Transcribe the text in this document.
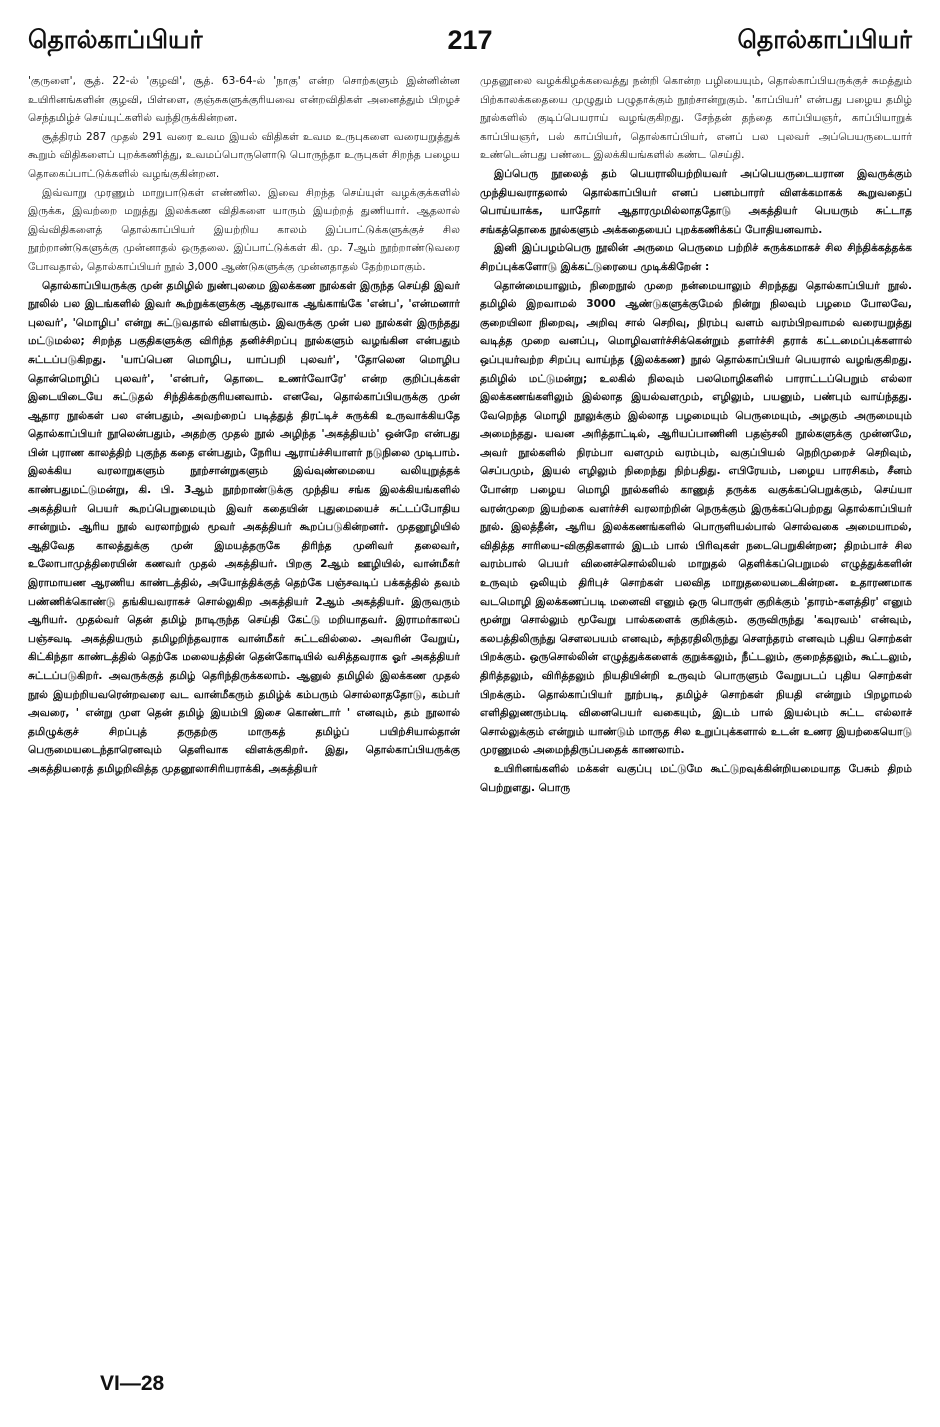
தொல்காப்பியர்	217	தொல்காப்பியர்

'குருளை', சூத். 22-ல் 'குழவி', சூத். 63-64-ல் 'நாகு' என்ற சொற்களும் இன்னின்ன உயிரினங்களின் குழவி, பிள்ளை, குஞ்சுகளுக்குரியவை என்றவிதிகள் அனைத்தும் பிறழச் செந்தமிழ்ச் செய்யுட்களில் வந்திருக்கின்றன.

சூத்திரம் 287 முதல் 291 வரை உவம இயல் விதிகள் உவம உருபுகளை வரையறுத்துக் கூறும் விதிகளைப் புறக்கணித்து, உவமப்பொருளொடு பொருந்தா உருபுகள் சிறந்த பழைய தொகைப்பாட்டுக்களில் வழங்குகின்றன.

இவ்வாறு முரணும் மாறுபாடுகள் எண்ணில. இவை சிறந்த செய்யுள் வழக்குக்களில் இருக்க, இவற்றை மறுத்து இலக்கண விதிகளை யாரும் இயற்றத் துணியார். ஆதலால் இவ்விதிகளைத் தொல்காப்பியர் இயற்றிய காலம் இப்பாட்டுக்களுக்குச் சில நூற்றாண்டுகளுக்கு முன்னாதல் ஒருதலை. இப்பாட்டுக்கள் கி. மு. 7ஆம் நூற்றாண்டுவரை போவதால், தொல்காப்பியர் நூல் 3,000 ஆண்டுகளுக்கு முன்னதாதல் தேற்றமாகும்.

தொல்காப்பியருக்கு முன் தமிழில் நுண்புலமை இலக்கண நூல்கள் இருந்த செய்தி இவர் நூலில் பல இடங்களில் இவர் கூற்றுக்களுக்கு ஆதரவாக ஆங்காங்கே 'என்ப', 'என்மனார் புலவர்', 'மொழிப' என்று சுட்டுவதால் விளங்கும். இவருக்கு முன் பல நூல்கள் இருந்தது மட்டுமல்ல; சிறந்த பகுதிகளுக்கு விரிந்த தனிச்சிறப்பு நூல்களும் வழங்கின என்பதும் சுட்டப்படுகிறது. 'யாப்பென மொழிப, யாப்பறி புலவர்', 'தோலென மொழிப தொன்மொழிப் புலவர்', 'என்பர், தொடை உணர்வோரே' என்ற குறிப்புக்கள் இடையிடையே சுட்டுதல் சிந்திக்கற்குரியனவாம். எனவே, தொல்காப்பியருக்கு முன் ஆதார நூல்கள் பல என்பதும், அவற்றைப் படித்துத் திரட்டிச் சுருக்கி உருவாக்கியதே தொல்காப்பியர் நூலென்பதும், அதற்கு முதல் நூல் அழிந்த 'அகத்தியம்' ஒன்றே என்பது பின் புராண காலத்திற் புகுந்த கதை என்பதும், நேரிய ஆராய்ச்சியாளர் நடுநிலை முடிபாம். இலக்கிய வரலாறுகளும் நூற்சான்றுகளும் இவ்வுண்மையை வலியுறுத்தக் காண்பதுமட்டுமன்று, கி. பி. 3ஆம் நூற்றாண்டுக்கு முந்திய சங்க இலக்கியங்களில் அகத்தியர் பெயர் கூறப்பெறுமையும் இவர் கதையின் புதுமையைச் சுட்டப்போதிய சான்றும். ஆரிய நூல் வரலாற்றுல் மூவர் அகத்தியர் கூறப்படுகின்றனர். முதனூழியில் ஆதிவேத காலத்துக்கு முன் இமயத்தருகே திரிந்த முனிவர் தலைவர், உலோபாமுத்திரையின் கணவர் முதல் அகத்தியர். பிறகு 2ஆம் ஊழியில், வான்மீகர் இராமாயண ஆரணிய காண்டத்தில், அயோத்திக்குத் தெற்கே பஞ்சவடிப் பக்கத்தில் தவம் பண்ணிக்கொண்டு தங்கியவராகச் சொல்லுகிற அகத்தியர் 2ஆம் அகத்தியர். இருவரும் ஆரியர். முதல்வர் தென் தமிழ் நாடிருந்த செய்தி கேட்டு மறியாதவர். இராமர்காலப் பஞ்சவடி அகத்தியரும் தமிழறிந்தவராக வான்மீகர் சுட்டவில்லை. அவரின் வேறுய், கிட்கிந்தா காண்டத்தில் தெற்கே மலையத்தின் தென்கோடியில் வசித்தவராக ஓர் அகத்தியர் சுட்டப்படுகிறர். அவருக்குத் தமிழ் தெரிந்திருக்கலாம். ஆனுல் தமிழில் இலக்கண முதல் நூல் இயற்றியவரென்றவரை வட வான்மீகரும் தமிழ்க் கம்பரும் சொல்லாததோடு, கம்பர் அவரை, ' என்று முள தென் தமிழ் இயம்பி இசை கொண்டார் ' எனவும், தம் நூலால் தமிழுக்குச் சிறப்புத் தருதற்கு மாருகத் தமிழ்ப் பயிற்சியால்தான் பெருமையடைந்தாரெனவும் தெளிவாக விளக்குகிறர். இது, தொல்காப்பியருக்கு அகத்தியரைத் தமிழறிவித்த முதனூலாசிரியராக்கி, அகத்தியர்

முதனூலை வழக்கிழக்கவைத்து நன்றி கொன்ற பழியையும், தொல்காப்பியருக்குச் சுமத்தும் பிற்காலக்கதையை முழுதும் பழுதாக்கும் நூற்சான்றுகும். 'காப்பியர்' என்பது பழைய தமிழ் நூல்களில் குடிப்பெயராய் வழங்குகிறது. சேந்தன் தந்தை காப்பியஞர், காப்பியாறுக் காப்பியஞர், பல் காப்பியர், தொல்காப்பியர், எனப் பல புலவர் அப்பெயருடையார் உண்டென்பது பண்டை இலக்கியங்களில் கண்ட செய்தி.

இப்பெரு நூலைத் தம் பெயராலியற்றியவர் அப்பெயருடையரான இவருக்கும் முந்தியவராதலால் தொல்காப்பியர் எனப் பனம்பாரர் விளக்கமாகக் கூறுவதைப் பொய்யாக்க, யாதோர் ஆதாரமுமில்லாததோடு அகத்தியர் பெயரும் சுட்டாத சங்கத்தொகை நூல்களும் அக்கதையைப் புறக்கணிக்கப் போதியனவாம்.

இனி இப்பழம்பெரு நூலின் அருமை பெருமை பற்றிச் சுருக்கமாகச் சில சிந்திக்கத்தக்க சிறப்புக்களோடு இக்கட்டுரையை முடிக்கிறேன் :

தொன்மையாலும், நிறைநூல் முறை நன்மையாலும் சிறந்தது தொல்காப்பியர் நூல். தமிழில் இறவாமல் 3000 ஆண்டுகளுக்குமேல் நின்று நிலவும் பழமை போலவே, குறையிலா நிறைவு, அறிவு சால் செறிவு, நிரம்பு வளம் வரம்பிறவாமல் வரையறுத்து வடித்த முறை வனப்பு, மொழிவளர்ச்சிக்கென்றும் தளர்ச்சி தராக் கட்டமைப்புக்களால் ஒப்புயர்வற்ற சிறப்பு வாய்ந்த (இலக்கண) நூல் தொல்காப்பியர் பெயரால் வழங்குகிறது. தமிழில் மட்டுமன்று; உலகில் நிலவும் பலமொழிகளில் பாராட்டப்பெறும் எல்லா இலக்கணங்களிலும் இல்லாத இயல்வளமும், எழிலும், பயனும், பண்பும் வாய்ந்தது. வேறெந்த மொழி நூலுக்கும் இல்லாத பழமையும் பெருமையும், அழகும் அருமையும் அமைந்தது. யவன அரித்தாட்டில், ஆரியப்பாணினி பதஞ்சலி நூல்களுக்கு முன்னமே, அவர் நூல்களில் நிரம்பா வளமும் வரம்பும், வகுப்பியல் நெறிமுறைச் செறிவும், செப்பமும், இயல் எழிலும் நிறைந்து நிற்பதிது. எபிரேயம், பழைய பாரசிகம், சீனம் போன்ற பழைய மொழி நூல்களில் காணுத் தருக்க வகுக்கப்பெறுக்கும், செய்யா வரன்முறை இயற்கை வளர்ச்சி வரலாற்றின் நெருக்கும் இருக்கப்பெற்றது தொல்காப்பியர் நூல். இலத்தீன், ஆரிய இலக்கணங்களில் பொருளியல்பால் சொல்வகை அமையாமல், விதித்த சாரியை-விகுதிகளால் இடம் பால் பிரிவுகள் நடைபெறுகின்றன; திறம்பாச் சில வரம்பால் பெயர் வினைச்சொல்லியல் மாறுதல் தெளிக்கப்பெறுமல் எழுத்துக்களின் உருவும் ஒலியும் திரிபுச் சொற்கள் பலவித மாறுதலையடைகின்றன. உதாரணமாக வடமொழி இலக்கணப்படி மனைவி எனும் ஒரு பொருள் குறிக்கும் 'தாரம்-களத்திர' எனும் மூன்று சொல்லும் மூவேறு பால்களைக் குறிக்கும். குருவிருந்து 'கவுரவம்' என்வும், கலபத்திலிருந்து சௌலபயம் எனவும், சுந்தரதிலிருந்து சௌந்தரம் எனவும் புதிய சொற்கள் பிறக்கும். ஒருசொல்லின் எழுத்துக்களைக் குறுக்கலும், நீட்டலும், குறைத்தலும், கூட்டலும், திரித்தலும், விரித்தலும் நியதியின்றி உருவும் பொருளும் வேறுபடப் புதிய சொற்கள் பிறக்கும். தொல்காப்பியர் நூற்படி, தமிழ்ச் சொற்கள் நியதி என்றும் பிறழாமல் எளிதிலுணரும்படி வினைபெயர் வகையும், இடம் பால் இயல்பும் சுட்ட எல்லாச் சொல்லுக்கும் என்றும் யாண்டும் மாருத சில உறுப்புக்களால் உடன் உணர இயற்கையொடு முரணுமல் அமைந்திருப்பதைக் காணலாம்.

உயிரினங்களில் மக்கள் வகுப்பு மட்டுமே கூட்டுறவுக்கின்றியமையாத பேசும் திறம் பெற்றுளது. பொரு

VI—28
